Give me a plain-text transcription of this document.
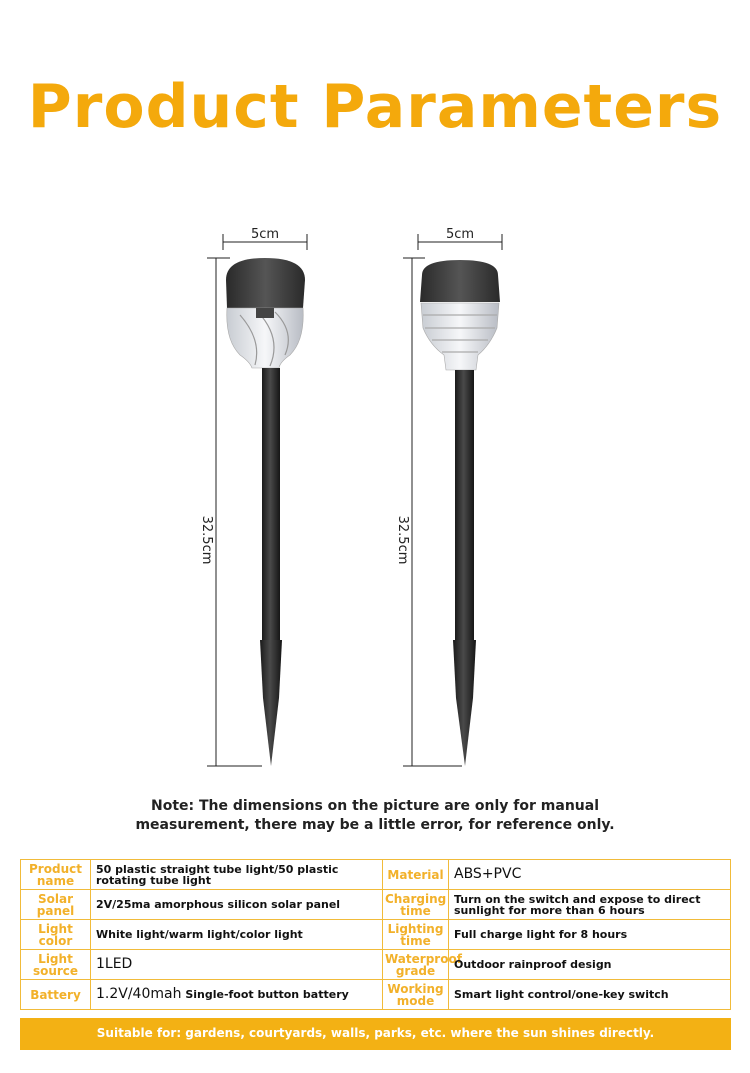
Product Parameters
5cm
32.5cm
5cm
32.5cm
Note: The dimensions on the picture are only for manual
measurement, there may be a little error, for reference only.
Product name	50 plastic straight tube light/50 plastic rotating tube light	Material	ABS+PVC
Solar panel	2V/25ma amorphous silicon solar panel	Charging time	Turn on the switch and expose to direct sunlight for more than 6 hours
Light color	White light/warm light/color light	Lighting time	Full charge light for 8 hours
Light source	1LED	Waterproof grade	Outdoor rainproof design
Battery	1.2V/40mah Single-foot button battery	Working mode	Smart light control/one-key switch
Suitable for: gardens, courtyards, walls, parks, etc. where the sun shines directly.
